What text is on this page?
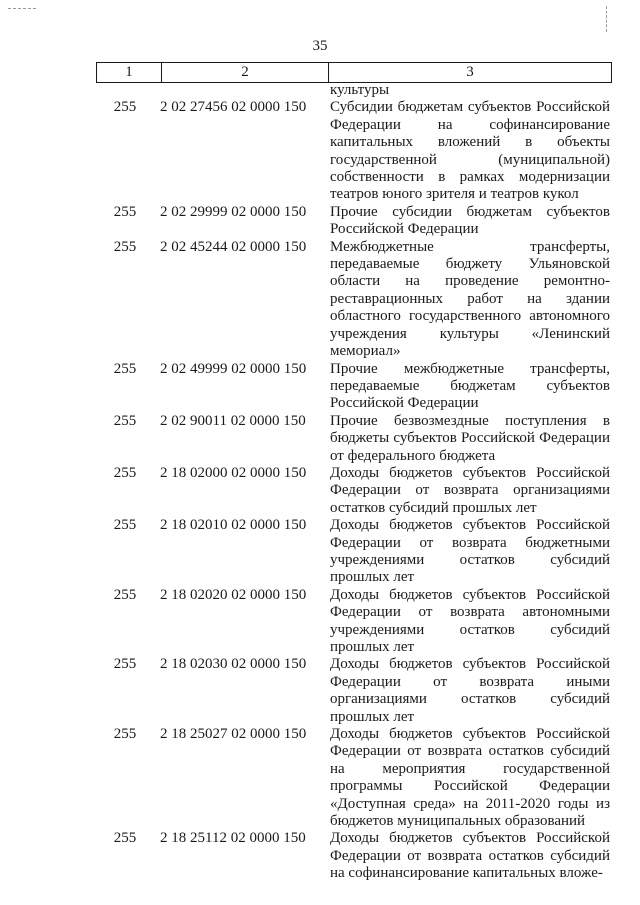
35
1	2	3
культуры
255	2 02 27456 02 0000 150	Субсидии бюджетам субъектов Российской Федерации на софинансирование капитальных вложений в объекты государственной (муниципальной) собственности в рамках модернизации театров юного зрителя и театров кукол
255	2 02 29999 02 0000 150	Прочие субсидии бюджетам субъектов Российской Федерации
255	2 02 45244 02 0000 150	Межбюджетные трансферты, передаваемые бюджету Ульяновской области на проведение ремонтно-реставрационных работ на здании областного государственного автономного учреждения культуры «Ленинский мемориал»
255	2 02 49999 02 0000 150	Прочие межбюджетные трансферты, передаваемые бюджетам субъектов Российской Федерации
255	2 02 90011 02 0000 150	Прочие безвозмездные поступления в бюджеты субъектов Российской Федерации от федерального бюджета
255	2 18 02000 02 0000 150	Доходы бюджетов субъектов Российской Федерации от возврата организациями остатков субсидий прошлых лет
255	2 18 02010 02 0000 150	Доходы бюджетов субъектов Российской Федерации от возврата бюджетными учреждениями остатков субсидий прошлых лет
255	2 18 02020 02 0000 150	Доходы бюджетов субъектов Российской Федерации от возврата автономными учреждениями остатков субсидий прошлых лет
255	2 18 02030 02 0000 150	Доходы бюджетов субъектов Российской Федерации от возврата иными организациями остатков субсидий прошлых лет
255	2 18 25027 02 0000 150	Доходы бюджетов субъектов Российской Федерации от возврата остатков субсидий на мероприятия государственной программы Российской Федерации «Доступная среда» на 2011-2020 годы из бюджетов муниципальных образований
255	2 18 25112 02 0000 150	Доходы бюджетов субъектов Российской Федерации от возврата остатков субсидий на софинансирование капитальных вложе-
